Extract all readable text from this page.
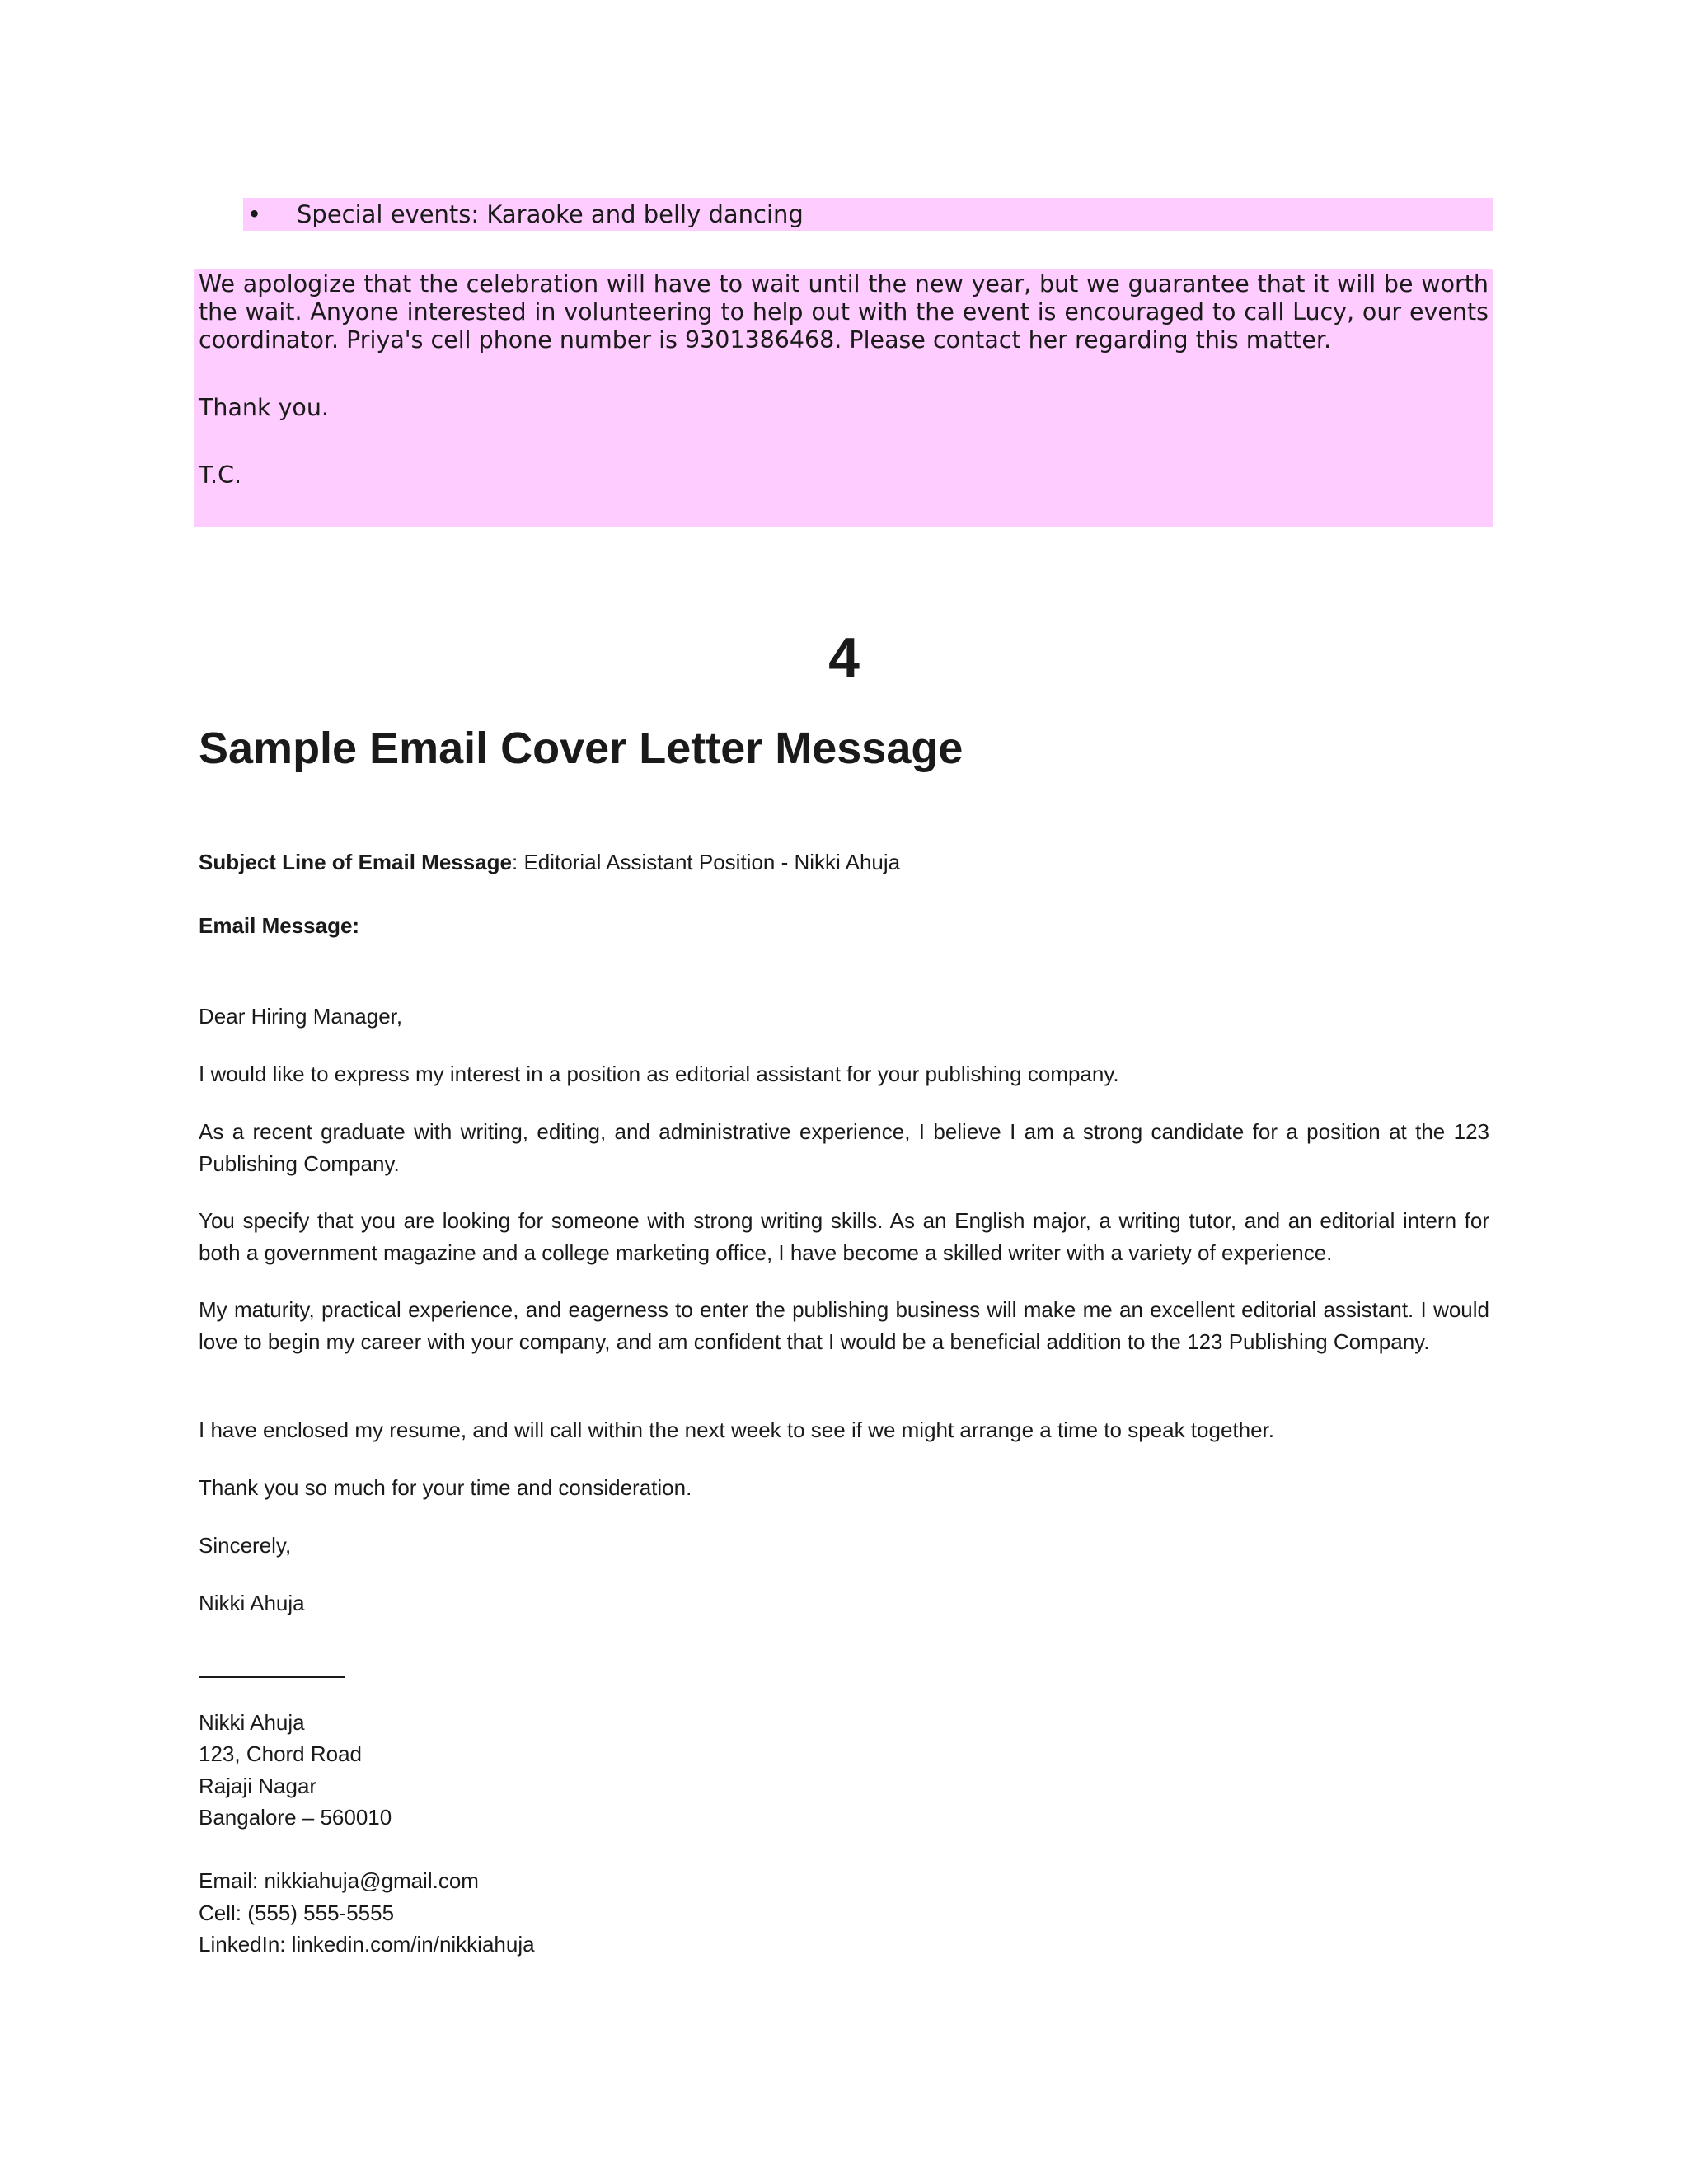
• Special events: Karaoke and belly dancing

We apologize that the celebration will have to wait until the new year, but we guarantee that it will be worth the wait. Anyone interested in volunteering to help out with the event is encouraged to call Lucy, our events coordinator. Priya's cell phone number is 9301386468. Please contact her regarding this matter.

Thank you.

T.C.

4
Sample Email Cover Letter Message

Subject Line of Email Message: Editorial Assistant Position - Nikki Ahuja

Email Message:

Dear Hiring Manager,

I would like to express my interest in a position as editorial assistant for your publishing company.

As a recent graduate with writing, editing, and administrative experience, I believe I am a strong candidate for a position at the 123 Publishing Company.

You specify that you are looking for someone with strong writing skills. As an English major, a writing tutor, and an editorial intern for both a government magazine and a college marketing office, I have become a skilled writer with a variety of experience.

My maturity, practical experience, and eagerness to enter the publishing business will make me an excellent editorial assistant. I would love to begin my career with your company, and am confident that I would be a beneficial addition to the 123 Publishing Company.

I have enclosed my resume, and will call within the next week to see if we might arrange a time to speak together.

Thank you so much for your time and consideration.

Sincerely,

Nikki Ahuja

Nikki Ahuja

123, Chord Road

Rajaji Nagar

Bangalore – 560010

Email: nikkiahuja@gmail.com

Cell: (555) 555-5555

LinkedIn: linkedin.com/in/nikkiahuja
